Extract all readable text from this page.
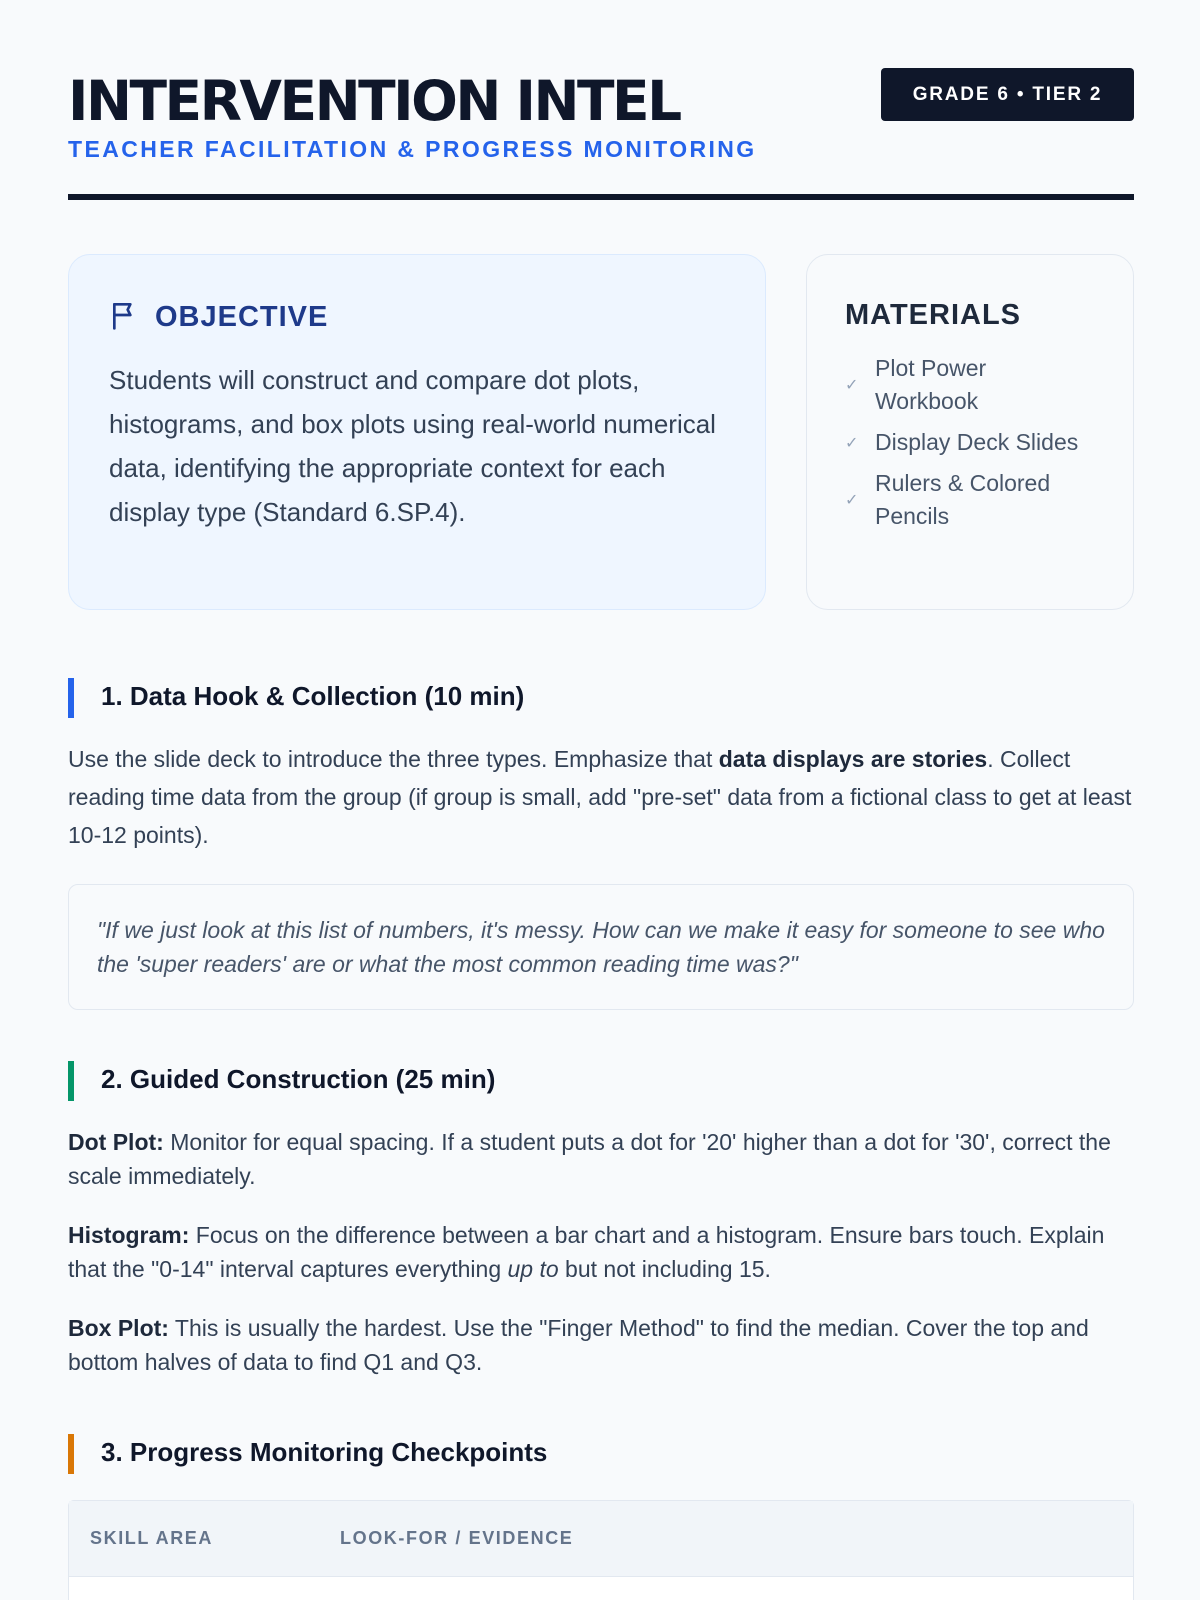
INTERVENTION INTEL
TEACHER FACILITATION & PROGRESS MONITORING
GRADE 6 • TIER 2
OBJECTIVE

Students will construct and compare dot plots, histograms, and box plots using real-world numerical data, identifying the appropriate context for each display type (Standard 6.SP.4).

MATERIALS
✓
Plot Power Workbook
✓ Display Deck Slides
✓
Rulers & Colored Pencils
1. Data Hook & Collection (10 min)

Use the slide deck to introduce the three types. Emphasize that data displays are stories. Collect reading time data from the group (if group is small, add "pre-set" data from a fictional class to get at least 10-12 points).

"If we just look at this list of numbers, it's messy. How can we make it easy for someone to see who the 'super readers' are or what the most common reading time was?"
2. Guided Construction (25 min)

Dot Plot: Monitor for equal spacing. If a student puts a dot for '20' higher than a dot for '30', correct the scale immediately.

Histogram: Focus on the difference between a bar chart and a histogram. Ensure bars touch. Explain that the "0-14" interval captures everything up to but not including 15.

Box Plot: This is usually the hardest. Use the "Finger Method" to find the median. Cover the top and bottom halves of data to find Q1 and Q3.

3. Progress Monitoring Checkpoints
SKILL AREA	LOOK-FOR / EVIDENCE
